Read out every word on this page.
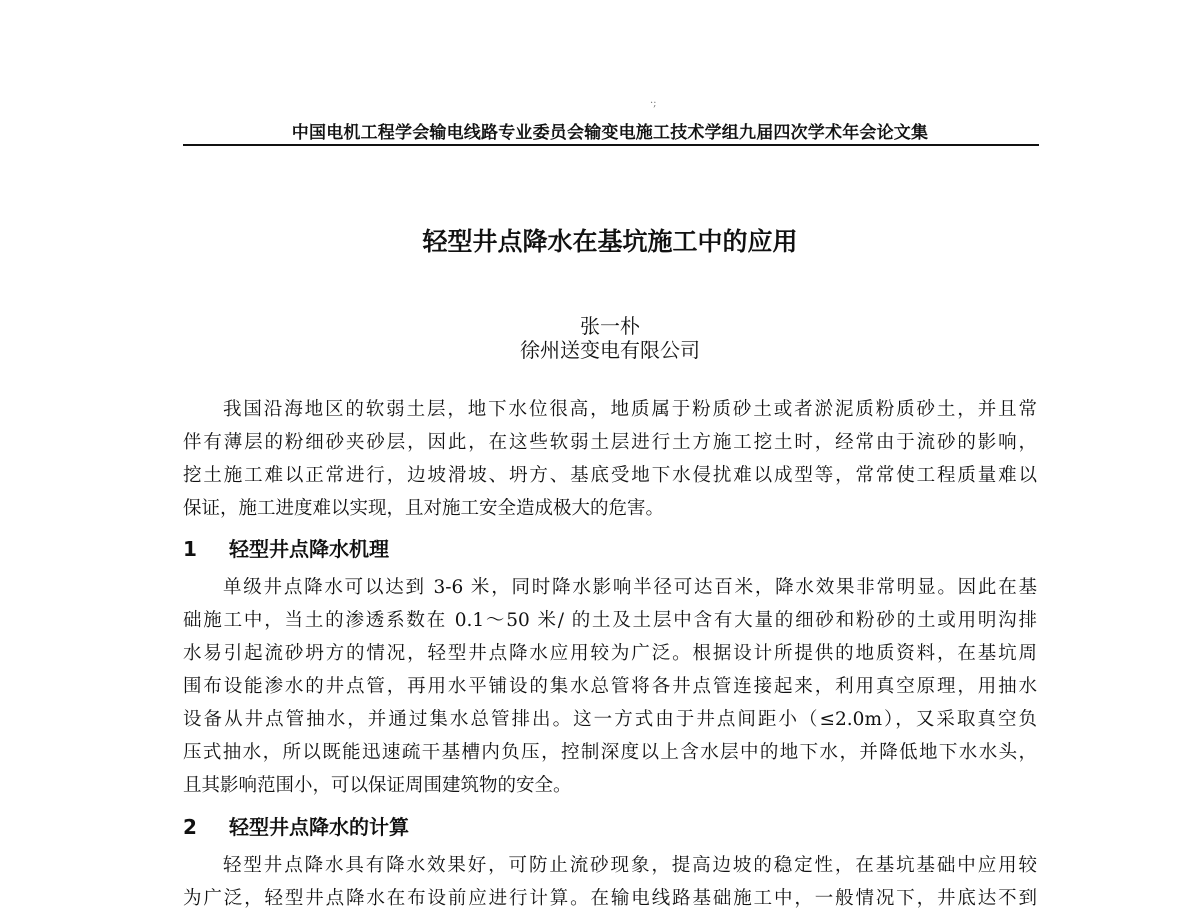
·;
中国电机工程学会输电线路专业委员会输变电施工技术学组九届四次学术年会论文集
轻型井点降水在基坑施工中的应用
张一朴
徐州送变电有限公司
我国沿海地区的软弱土层，地下水位很高，地质属于粉质砂土或者淤泥质粉质砂土，并且常
伴有薄层的粉细砂夹砂层，因此，在这些软弱土层进行土方施工挖土时，经常由于流砂的影响，
挖土施工难以正常进行，边坡滑坡、坍方、基底受地下水侵扰难以成型等，常常使工程质量难以
保证，施工进度难以实现，且对施工安全造成极大的危害。
1 轻型井点降水机理
单级井点降水可以达到 3-6 米，同时降水影响半径可达百米，降水效果非常明显。因此在基
础施工中，当土的渗透系数在 0.1～50 米/ 的土及土层中含有大量的细砂和粉砂的土或用明沟排
水易引起流砂坍方的情况，轻型井点降水应用较为广泛。根据设计所提供的地质资料，在基坑周
围布设能渗水的井点管，再用水平铺设的集水总管将各井点管连接起来，利用真空原理，用抽水
设备从井点管抽水，并通过集水总管排出。这一方式由于井点间距小（≤2.0m），又采取真空负
压式抽水，所以既能迅速疏干基槽内负压，控制深度以上含水层中的地下水，并降低地下水水头，
且其影响范围小，可以保证周围建筑物的安全。
2 轻型井点降水的计算
轻型井点降水具有降水效果好，可防止流砂现象，提高边坡的稳定性，在基坑基础中应用较
为广泛，轻型井点降水在布设前应进行计算。在输电线路基础施工中，一般情况下，井底达不到
